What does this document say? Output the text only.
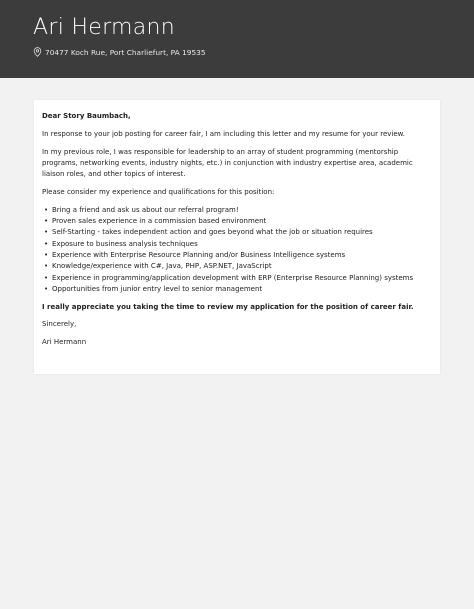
Ari Hermann
70477 Koch Rue, Port Charliefurt, PA 19535

Dear Story Baumbach,

In response to your job posting for career fair, I am including this letter and my resume for your review.

In my previous role, I was responsible for leadership to an array of student programming (mentorship programs, networking events, industry nights, etc.) in conjunction with industry expertise area, academic liaison roles, and other topics of interest.

Please consider my experience and qualifications for this position:

• Bring a friend and ask us about our referral program!
• Proven sales experience in a commission based environment
• Self-Starting - takes independent action and goes beyond what the job or situation requires
• Exposure to business analysis techniques
• Experience with Enterprise Resource Planning and/or Business Intelligence systems
• Knowledge/experience with C#, Java, PHP, ASP.NET, JavaScript
• Experience in programming/application development with ERP (Enterprise Resource Planning) systems
• Opportunities from junior entry level to senior management

I really appreciate you taking the time to review my application for the position of career fair.

Sincerely,

Ari Hermann
